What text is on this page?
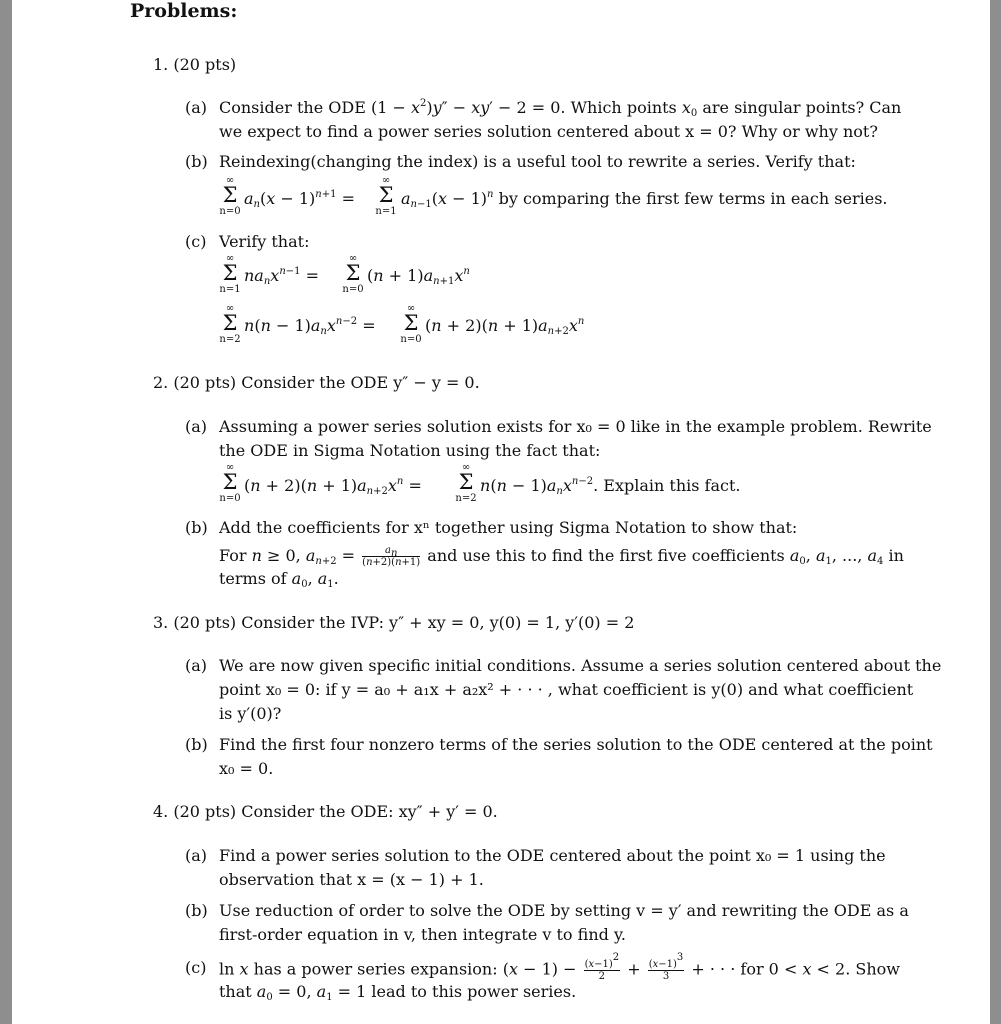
Problems:
1. (20 pts)
(a) Consider the ODE $(1 - x^2)y'' - xy' - 2 = 0$. Which points $x_0$ are singular points? Can
we expect to find a power series solution centered about x = 0? Why or why not?
(b) Reindexing(changing the index) is a useful tool to rewrite a series. Verify that:
∞
Σ
n=0
$a_n(x - 1)^{n+1}$ =
∞
Σ
n=1
$a_{n-1}(x - 1)^n$ by comparing the first few terms in each series.
(c) Verify that:
∞
Σ
n=1
$na_nx^{n-1}$ =
∞
Σ
n=0
$(n + 1)a_{n+1}x^n$
∞
Σ
n=2
$n(n - 1)a_nx^{n-2}$ =
∞
Σ
n=0
$(n + 2)(n + 1)a_{n+2}x^n$
2. (20 pts) Consider the ODE y″ − y = 0.
(a) Assuming a power series solution exists for x₀ = 0 like in the example problem. Rewrite
the ODE in Sigma Notation using the fact that:
∞
Σ
n=0
$(n + 2)(n + 1)a_{n+2}x^n$ =
∞
Σ
n=2
$n(n - 1)a_nx^{n-2}$. Explain this fact.
(b) Add the coefficients for xⁿ together using Sigma Notation to show that:
For n ≥ 0, $a_{n+2} = \frac{a_n}{(n+2)(n+1)}$ and use this to find the first five coefficients $a_0$, $a_1$, ..., $a_4$ in
terms of $a_0$, $a_1$.
3. (20 pts) Consider the IVP: y″ + xy = 0, y(0) = 1, y′(0) = 2
(a) We are now given specific initial conditions. Assume a series solution centered about the
point x₀ = 0: if y = a₀ + a₁x + a₂x² + · · · , what coefficient is y(0) and what coefficient
is y′(0)?
(b) Find the first four nonzero terms of the series solution to the ODE centered at the point
x₀ = 0.
4. (20 pts) Consider the ODE: xy″ + y′ = 0.
(a) Find a power series solution to the ODE centered about the point x₀ = 1 using the
observation that x = (x − 1) + 1.
(b) Use reduction of order to solve the ODE by setting v = y′ and rewriting the ODE as a
first-order equation in v, then integrate v to find y.
(c) ln x has a power series expansion: $(x - 1) - \frac{(x-1)^2}{2} + \frac{(x-1)^3}{3}$ + · · · for 0 < x < 2. Show
that $a_0 = 0$, $a_1 = 1$ lead to this power series.
